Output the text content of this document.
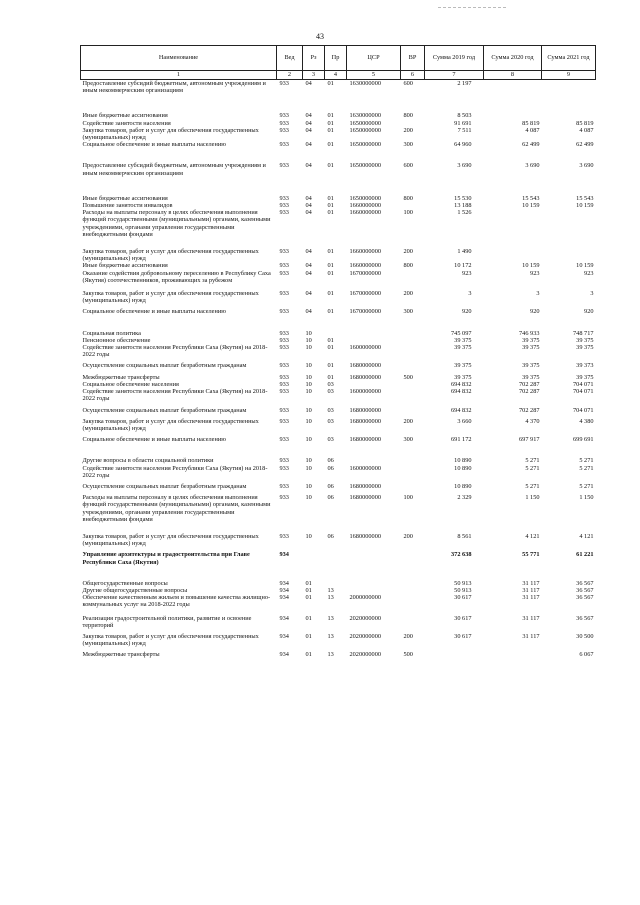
43
Наименование	Вед	Рз	Пр	ЦСР	ВР	Сумма 2019 год	Сумма 2020 год	Сумма 2021 год
1	2	3	4	5	6	7	8	9
Предоставление субсидий бюджетным, автономным учреждениям и иным некоммерческим организациям	933	04	01	1630000000	600	2 197		

Иные бюджетные ассигнования	933	04	01	1630000000	800	8 503		
Содействие занятости населения	933	04	01	1650000000		91 691	85 819	85 819
Закупка товаров, работ и услуг для обеспечения государственных (муниципальных) нужд	933	04	01	1650000000	200	7 511	4 087	4 087
Социальное обеспечение и иные выплаты населению	933	04	01	1650000000	300	64 960	62 499	62 499

Предоставление субсидий бюджетным, автономным учреждениям и иным некоммерческим организациям	933	04	01	1650000000	600	3 690	3 690	3 690

Иные бюджетные ассигнования	933	04	01	1650000000	800	15 530	15 543	15 543
Повышение занятости инвалидов	933	04	01	1660000000		13 188	10 159	10 159
Расходы на выплаты персоналу в целях обеспечения выполнения функций государственными (муниципальными) органами, казенными учреждениями, органами управления государственными внебюджетными фондами	933	04	01	1660000000	100	1 526		

Закупка товаров, работ и услуг для обеспечения государственных (муниципальных) нужд	933	04	01	1660000000	200	1 490		
Иные бюджетные ассигнования	933	04	01	1660000000	800	10 172	10 159	10 159
Оказание содействия добровольному переселению в Республику Саха (Якутия) соотечественников, проживающих за рубежом	933	04	01	1670000000		923	923	923

Закупка товаров, работ и услуг для обеспечения государственных (муниципальных) нужд	933	04	01	1670000000	200	3	3	3

Социальное обеспечение и иные выплаты населению	933	04	01	1670000000	300	920	920	920

Социальная политика	933	10				745 097	746 933	748 717
Пенсионное обеспечение	933	10	01			39 375	39 375	39 375
Содействие занятости населения Республики Саха (Якутия) на 2018-2022 годы	933	10	01	1600000000		39 375	39 375	39 375

Осуществление социальных выплат безработным гражданам	933	10	01	1680000000		39 375	39 375	39 373

Межбюджетные трансферты	933	10	01	1680000000	500	39 375	39 375	39 375
Социальное обеспечение населения	933	10	03			694 832	702 287	704 071
Содействие занятости населения Республики Саха (Якутия) на 2018-2022 годы	933	10	03	1600000000		694 832	702 287	704 071

Осуществление социальных выплат безработным гражданам	933	10	03	1680000000		694 832	702 287	704 071

Закупка товаров, работ и услуг для обеспечения государственных (муниципальных) нужд	933	10	03	1680000000	200	3 660	4 370	4 380

Социальное обеспечение и иные выплаты населению	933	10	03	1680000000	300	691 172	697 917	699 691

Другие вопросы в области социальной политики	933	10	06			10 890	5 271	5 271
Содействие занятости населения Республики Саха (Якутия) на 2018-2022 годы	933	10	06	1600000000		10 890	5 271	5 271

Осуществление социальных выплат безработным гражданам	933	10	06	1680000000		10 890	5 271	5 271

Расходы на выплаты персоналу в целях обеспечения выполнения функций государственными (муниципальными) органами, казенными учреждениями, органами управления государственными внебюджетными фондами	933	10	06	1680000000	100	2 329	1 150	1 150

Закупка товаров, работ и услуг для обеспечения государственных (муниципальных) нужд	933	10	06	1680000000	200	8 561	4 121	4 121

Управление архитектуры и градостроительства при Главе Республики Саха (Якутия)	934					372 638	55 771	61 221

Общегосударственные вопросы	934	01				50 913	31 117	36 567
Другие общегосударственные вопросы	934	01	13			50 913	31 117	36 567
Обеспечение качественным жильем и повышение качества жилищно-коммунальных услуг на 2018-2022 годы	934	01	13	2000000000		30 617	31 117	36 567

Реализация градостроительной политики, развитие и освоение территорий	934	01	13	2020000000		30 617	31 117	36 567

Закупка товаров, работ и услуг для обеспечения государственных (муниципальных) нужд	934	01	13	2020000000	200	30 617	31 117	30 500

Межбюджетные трансферты	934	01	13	2020000000	500			6 067
